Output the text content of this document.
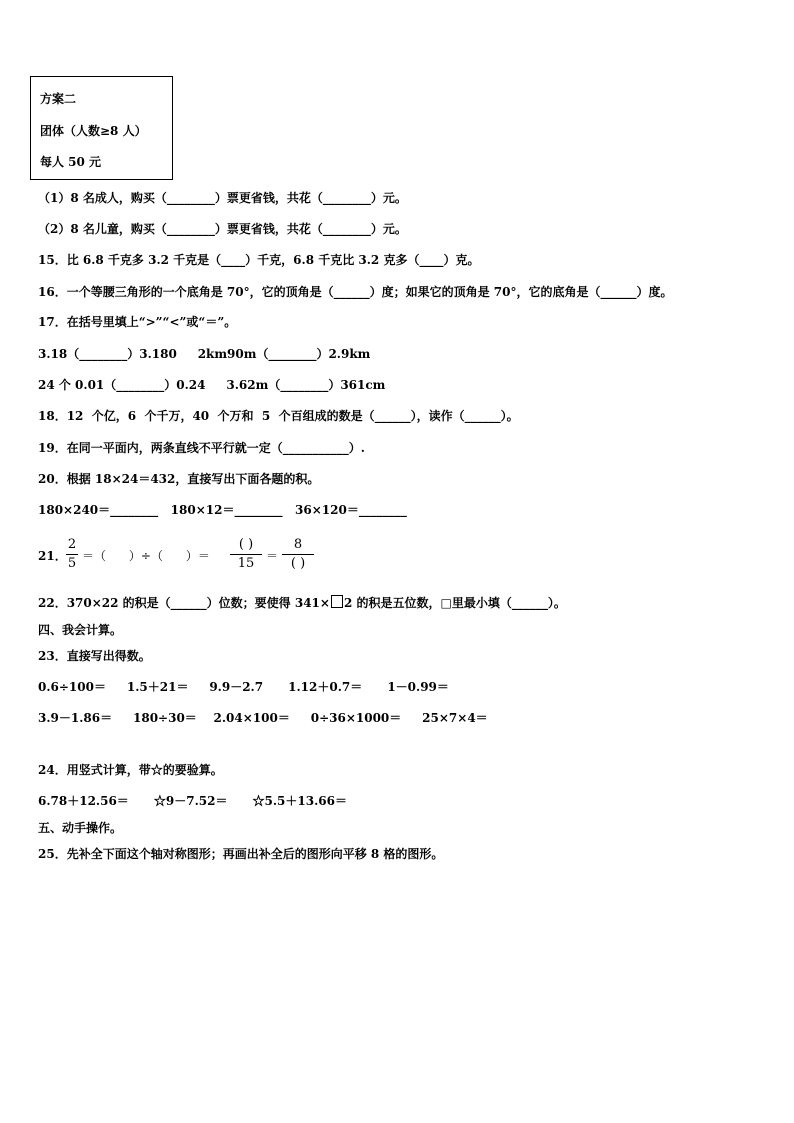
方案二
团体（人数≥8 人）
每人 50 元
（1）8 名成人，购买（________）票更省钱，共花（________）元。
（2）8 名儿童，购买（________）票更省钱，共花（________）元。
15．比 6.8 千克多 3.2 千克是（____）千克，6.8 千克比 3.2 克多（____）克。
16．一个等腰三角形的一个底角是 70°，它的顶角是（______）度；如果它的顶角是 70°，它的底角是（______）度。
17．在括号里填上“>”“<”或“＝”。
3.18（________）3.180     2km90m（________）2.9km
24 个 0.01（________）0.24     3.62m（________）361cm
18．12  个亿，6  个千万，40  个万和  5  个百组成的数是（______），读作（______）。
19．在同一平面内，两条直线不平行就一定（___________）.
20．根据 18×24＝432，直接写出下面各题的积。
180×240＝________   180×12＝________   36×120＝________
21．
2
5 ＝（      ）÷（      ）＝
( )
15 ＝
8
( )
22．370×22 的积是（______）位数；要使得 341× 2 的积是五位数，□里最小填（______）。
四、我会计算。
23．直接写出得数。
0.6÷100＝     1.5＋21＝     9.9－2.7      1.12＋0.7＝      1－0.99＝
3.9－1.86＝     180÷30＝    2.04×100＝     0÷36×1000＝     25×7×4＝
24．用竖式计算，带☆的要验算。
6.78＋12.56＝      ☆9－7.52＝      ☆5.5＋13.66＝
五、动手操作。
25．先补全下面这个轴对称图形；再画出补全后的图形向平移 8 格的图形。
